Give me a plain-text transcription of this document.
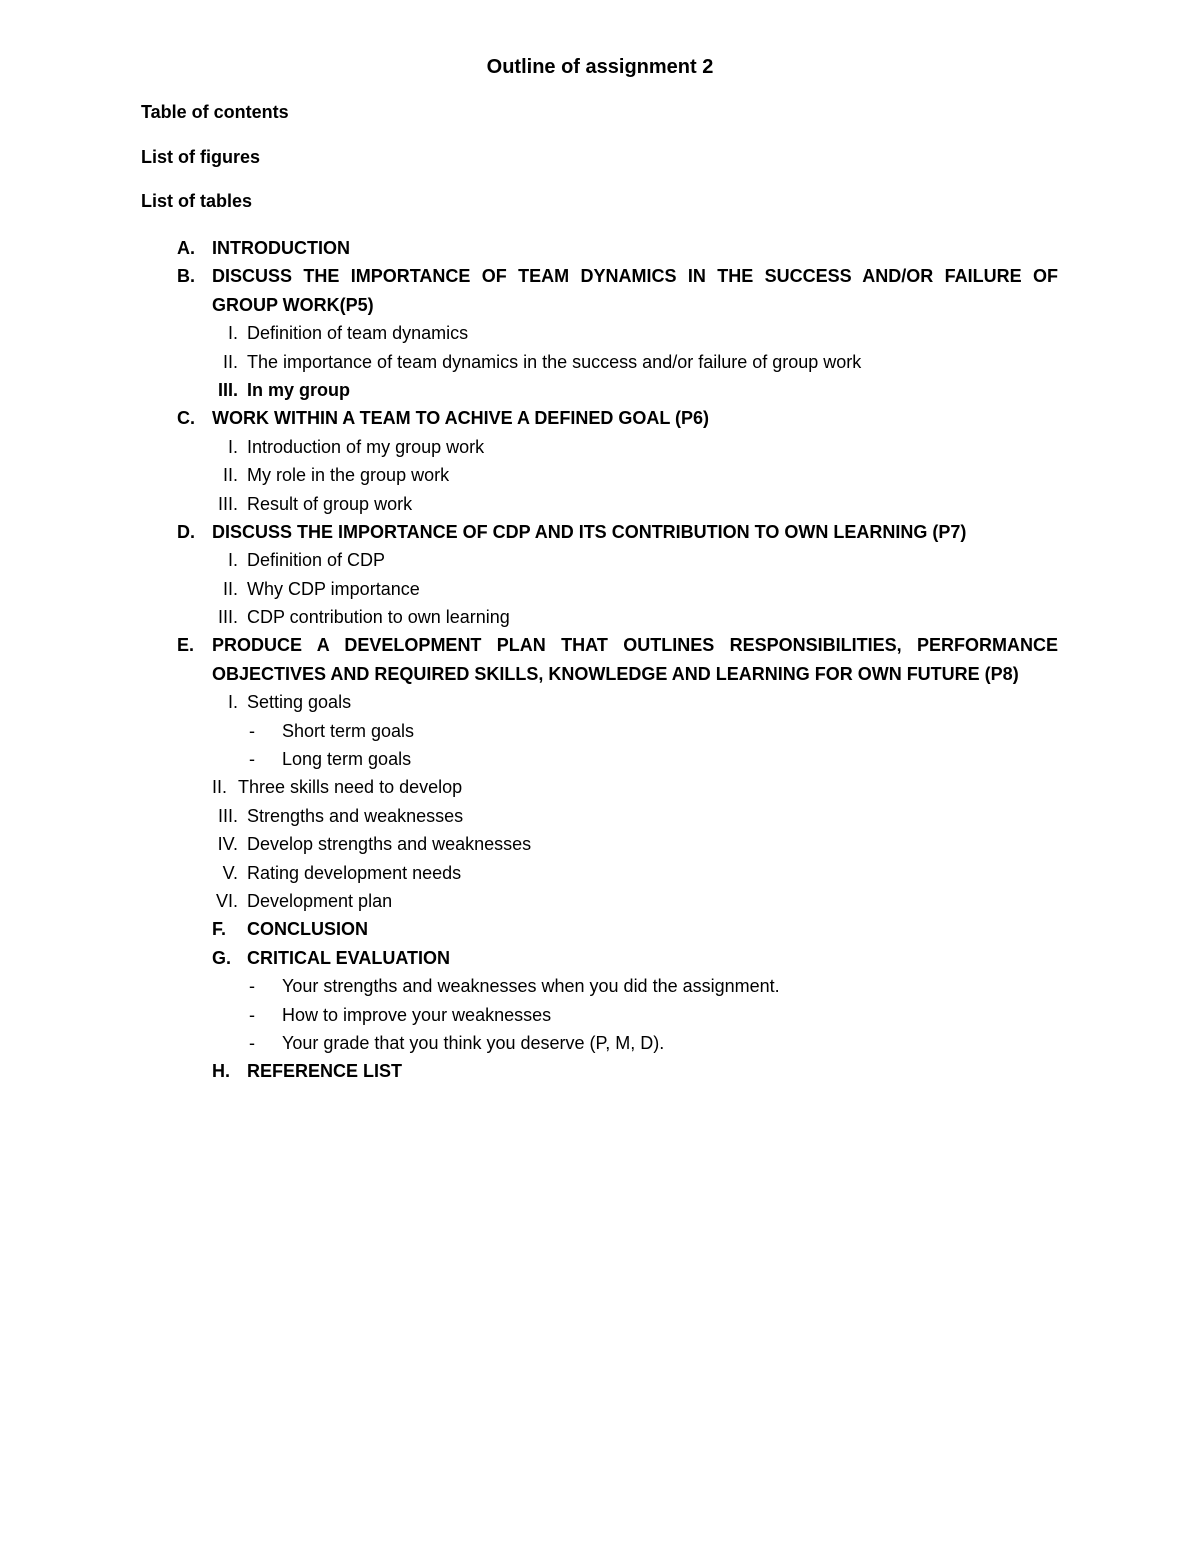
Outline of assignment 2
Table of contents
List of figures
List of tables
A. INTRODUCTION
B. DISCUSS THE IMPORTANCE OF TEAM DYNAMICS IN THE SUCCESS AND/OR FAILURE OF GROUP WORK(P5)
I. Definition of team dynamics
II. The importance of team dynamics in the success and/or failure of group work
III. In my group
C. WORK WITHIN A TEAM TO ACHIVE A DEFINED GOAL (P6)
I. Introduction of my group work
II. My role in the group work
III. Result of group work
D. DISCUSS THE IMPORTANCE OF CDP AND ITS CONTRIBUTION TO OWN LEARNING (P7)
I. Definition of CDP
II. Why CDP importance
III. CDP contribution to own learning
E. PRODUCE A DEVELOPMENT PLAN THAT OUTLINES RESPONSIBILITIES, PERFORMANCE OBJECTIVES AND REQUIRED SKILLS, KNOWLEDGE AND LEARNING FOR OWN FUTURE (P8)
I. Setting goals
- Short term goals
- Long term goals
II. Three skills need to develop
III. Strengths and weaknesses
IV. Develop strengths and weaknesses
V. Rating development needs
VI. Development plan
F. CONCLUSION
G. CRITICAL EVALUATION
- Your strengths and weaknesses when you did the assignment.
- How to improve your weaknesses
- Your grade that you think you deserve (P, M, D).
H. REFERENCE LIST
